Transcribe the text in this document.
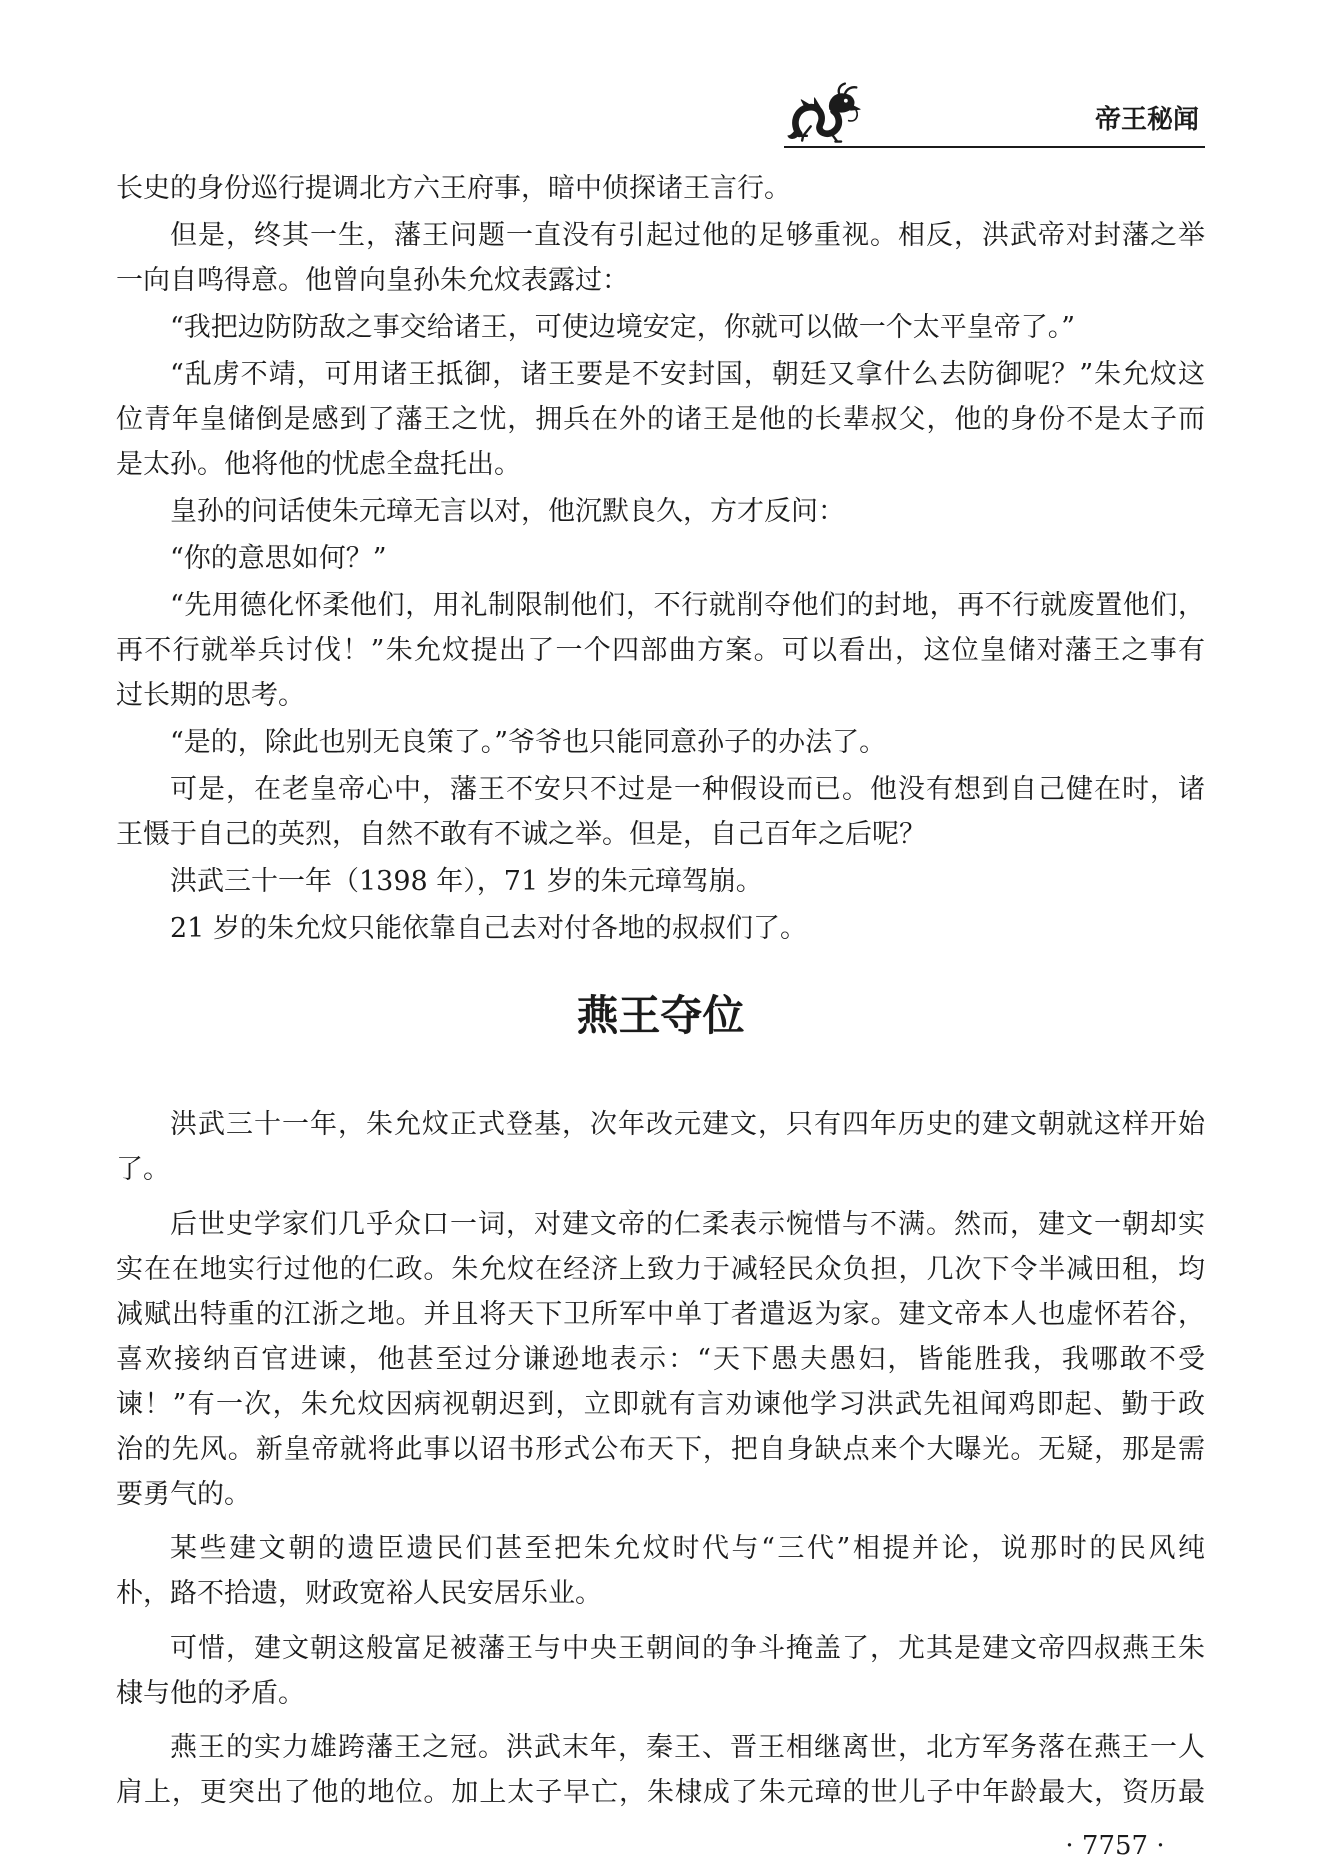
帝王秘闻
长史的身份巡行提调北方六王府事，暗中侦探诸王言行。
但是，终其一生，藩王问题一直没有引起过他的足够重视。相反，洪武帝对封藩之举
一向自鸣得意。他曾向皇孙朱允炆表露过：
“我把边防防敌之事交给诸王，可使边境安定，你就可以做一个太平皇帝了。”
“乱虏不靖，可用诸王抵御，诸王要是不安封国，朝廷又拿什么去防御呢？”朱允炆这
位青年皇储倒是感到了藩王之忧，拥兵在外的诸王是他的长辈叔父，他的身份不是太子而
是太孙。他将他的忧虑全盘托出。
皇孙的问话使朱元璋无言以对，他沉默良久，方才反问：
“你的意思如何？”
“先用德化怀柔他们，用礼制限制他们，不行就削夺他们的封地，再不行就废置他们，
再不行就举兵讨伐！”朱允炆提出了一个四部曲方案。可以看出，这位皇储对藩王之事有
过长期的思考。
“是的，除此也别无良策了。”爷爷也只能同意孙子的办法了。
可是，在老皇帝心中，藩王不安只不过是一种假设而已。他没有想到自己健在时，诸
王慑于自己的英烈，自然不敢有不诚之举。但是，自己百年之后呢？
洪武三十一年（1398 年），71 岁的朱元璋驾崩。
21 岁的朱允炆只能依靠自己去对付各地的叔叔们了。
燕王夺位
洪武三十一年，朱允炆正式登基，次年改元建文，只有四年历史的建文朝就这样开始
了。
后世史学家们几乎众口一词，对建文帝的仁柔表示惋惜与不满。然而，建文一朝却实
实在在地实行过他的仁政。朱允炆在经济上致力于减轻民众负担，几次下令半减田租，均
减赋出特重的江浙之地。并且将天下卫所军中单丁者遣返为家。建文帝本人也虚怀若谷，
喜欢接纳百官进谏，他甚至过分谦逊地表示：“天下愚夫愚妇，皆能胜我，我哪敢不受
谏！”有一次，朱允炆因病视朝迟到，立即就有言劝谏他学习洪武先祖闻鸡即起、勤于政
治的先风。新皇帝就将此事以诏书形式公布天下，把自身缺点来个大曝光。无疑，那是需
要勇气的。
某些建文朝的遗臣遗民们甚至把朱允炆时代与“三代”相提并论，说那时的民风纯
朴，路不拾遗，财政宽裕人民安居乐业。
可惜，建文朝这般富足被藩王与中央王朝间的争斗掩盖了，尤其是建文帝四叔燕王朱
棣与他的矛盾。
燕王的实力雄跨藩王之冠。洪武末年，秦王、晋王相继离世，北方军务落在燕王一人
肩上，更突出了他的地位。加上太子早亡，朱棣成了朱元璋的世儿子中年龄最大，资历最
· 7757 ·
